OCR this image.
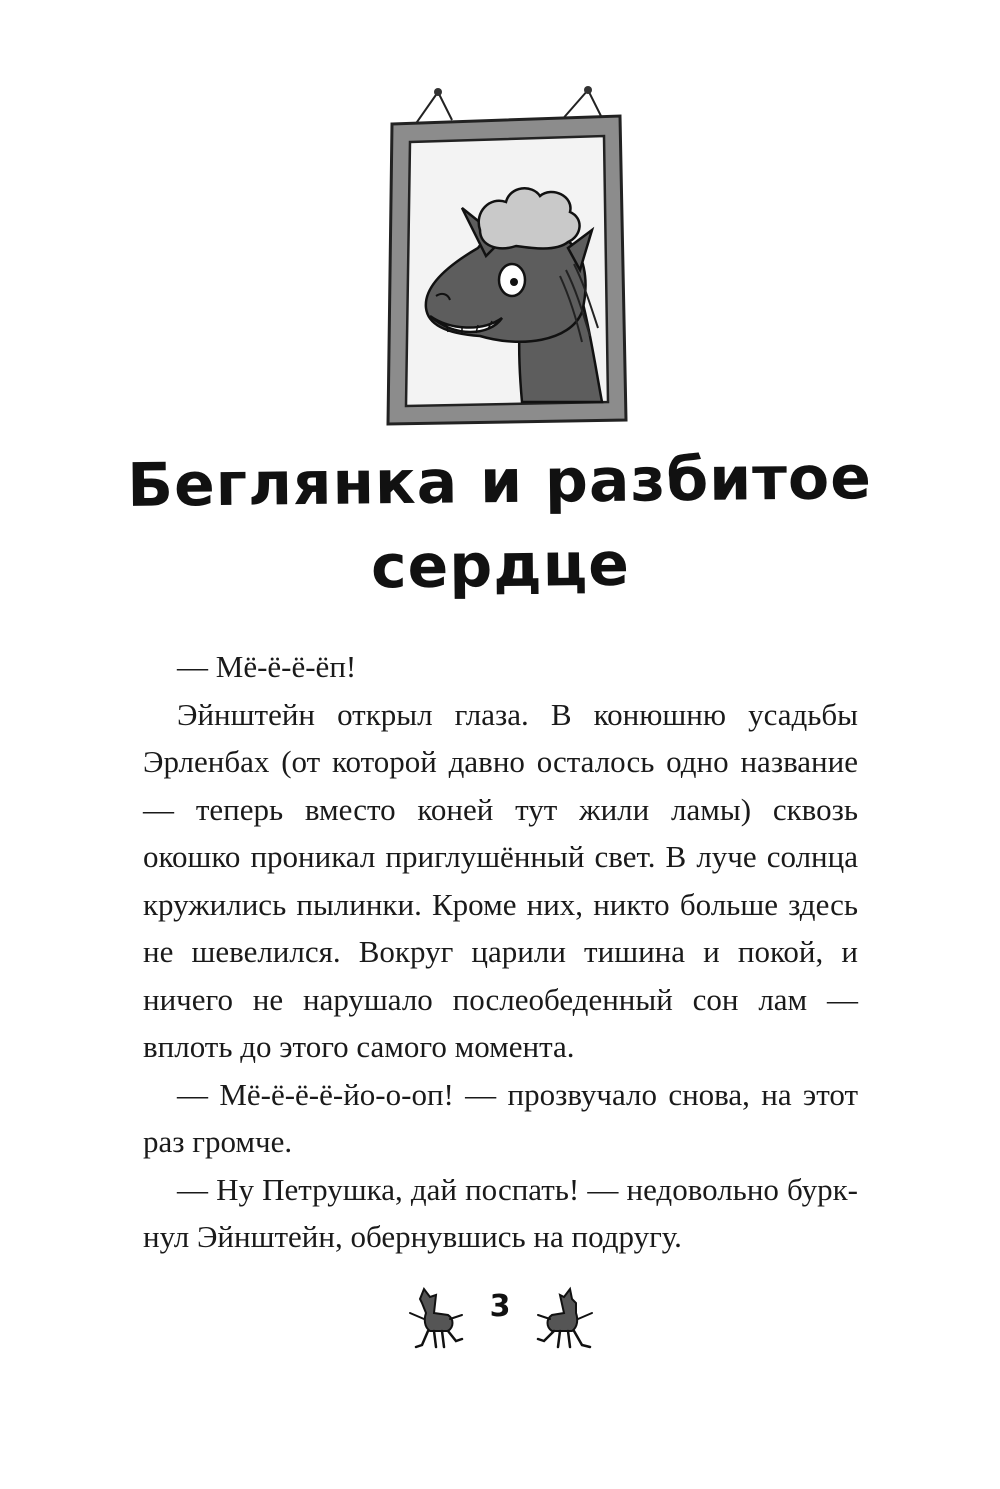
Беглянка и разбитое
сердце

— Мё-ё-ё-ёп!

Эйнштейн открыл глаза. В конюшню усадьбы Эрленбах (от которой давно осталось одно название — теперь вместо коней тут жили ламы) сквозь окошко проникал приглушённый свет. В луче солнца кружились пылинки. Кроме них, никто больше здесь не шевелился. Вокруг царили тишина и покой, и ничего не нарушало послеобеденный сон лам — вплоть до этого самого момента.

— Мё-ё-ё-ё-йо-о-оп! — прозвучало снова, на этот раз громче.

— Ну Петрушка, дай поспать! — недовольно буркнул Эйнштейн, обернувшись на подругу.

3
